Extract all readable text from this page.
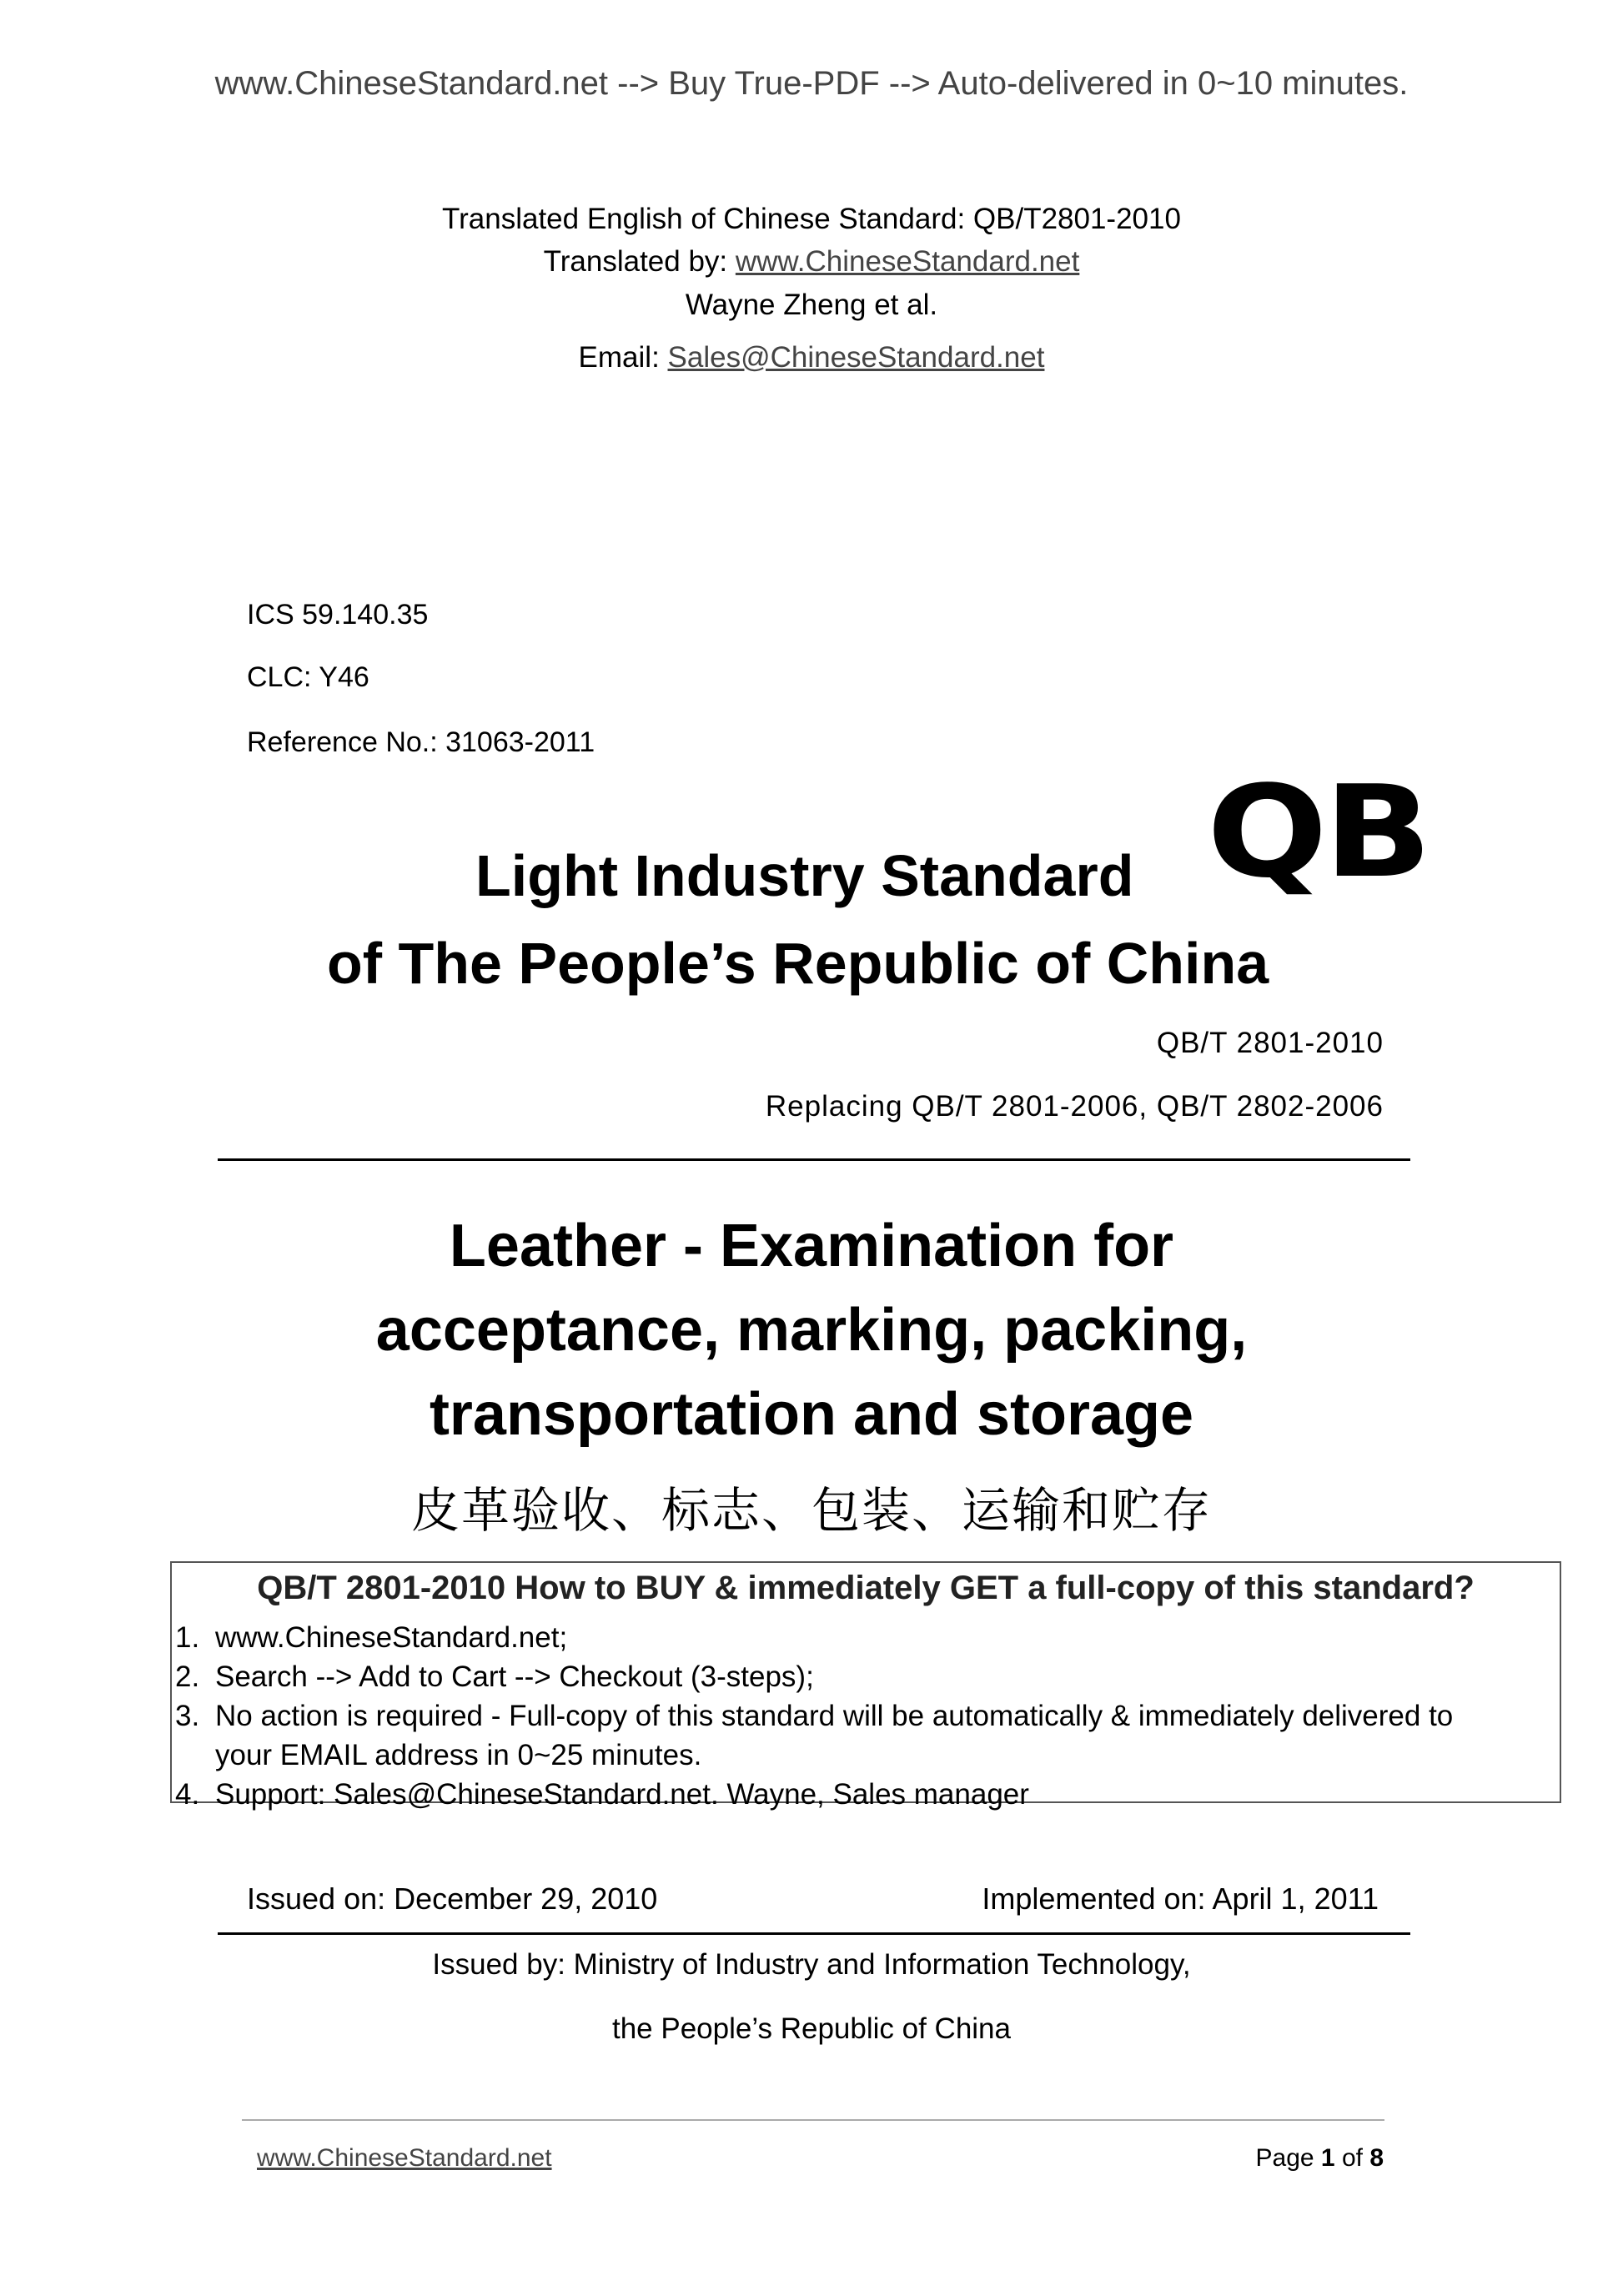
www.ChineseStandard.net --> Buy True-PDF --> Auto-delivered in 0~10 minutes.
Translated English of Chinese Standard: QB/T2801-2010
Translated by: www.ChineseStandard.net
Wayne Zheng et al.
Email: Sales@ChineseStandard.net
ICS 59.140.35
CLC: Y46
Reference No.: 31063-2011
QB
Light Industry Standard
of The People’s Republic of China
QB/T 2801-2010
Replacing QB/T 2801-2006, QB/T 2802-2006
Leather - Examination for
acceptance, marking, packing,
transportation and storage
皮革验收、标志、包装、运输和贮存
QB/T 2801-2010 How to BUY & immediately GET a full-copy of this standard?
1. www.ChineseStandard.net;
2. Search --> Add to Cart --> Checkout (3-steps);
3. No action is required - Full-copy of this standard will be automatically & immediately delivered to your EMAIL address in 0~25 minutes.
4. Support: Sales@ChineseStandard.net. Wayne, Sales manager
Issued on: December 29, 2010	Implemented on: April 1, 2011
Issued by: Ministry of Industry and Information Technology,
the People’s Republic of China
www.ChineseStandard.net	Page 1 of 8
